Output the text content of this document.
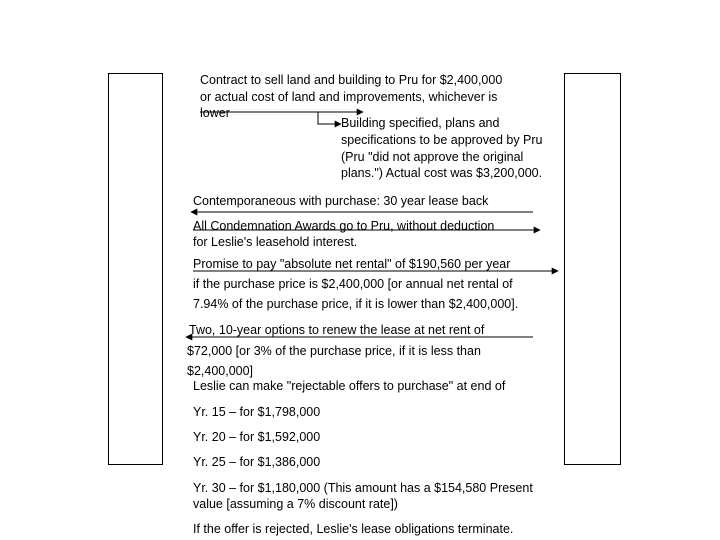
Contract to sell land and building to Pru for $2,400,000

or actual cost of land and improvements, whichever is

lower

Building specified, plans and

specifications to be approved by Pru

(Pru "did not approve the original

plans.") Actual cost was $3,200,000.

Contemporaneous with purchase: 30 year lease back

All Condemnation Awards go to Pru, without deduction

for Leslie's leasehold interest.

Promise to pay "absolute net rental" of $190,560 per year

if the purchase price is $2,400,000 [or annual net rental of

7.94% of the purchase price, if it is lower than $2,400,000].

Two, 10-year options to renew the lease at net rent of

$72,000 [or 3% of the purchase price, if it is less than

$2,400,000]

Leslie can make "rejectable offers to purchase" at end of

Yr. 15 – for $1,798,000

Yr. 20 – for $1,592,000

Yr. 25 – for $1,386,000

Yr. 30 – for $1,180,000 (This amount has a $154,580 Present

value [assuming a 7% discount rate])

If the offer is rejected, Leslie's lease obligations terminate.
